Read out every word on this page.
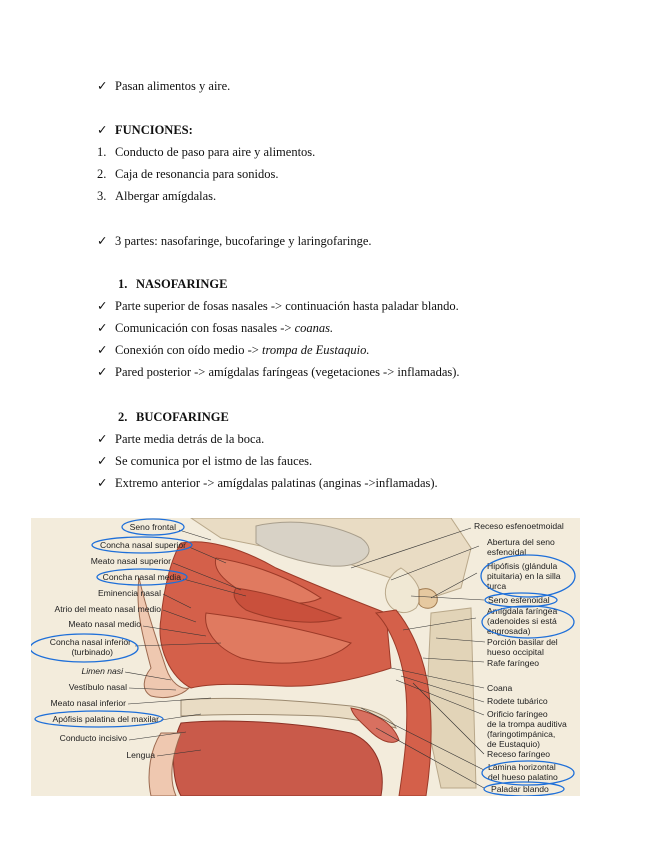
✓ Pasan alimentos y aire.
✓ FUNCIONES:
1. Conducto de paso para aire y alimentos.
2. Caja de resonancia para sonidos.
3. Albergar amígdalas.
✓ 3 partes: nasofaringe, bucofaringe y laringofaringe.
1. NASOFARINGE
✓ Parte superior de fosas nasales -> continuación hasta paladar blando.
✓ Comunicación con fosas nasales -> coanas.
✓ Conexión con oído medio -> trompa de Eustaquio.
✓ Pared posterior -> amígdalas faríngeas (vegetaciones -> inflamadas).
2. BUCOFARINGE
✓ Parte media detrás de la boca.
✓ Se comunica por el istmo de las fauces.
✓ Extremo anterior -> amígdalas palatinas (anginas ->inflamadas).
Seno frontal
Concha nasal superior
Meato nasal superior
Concha nasal media
Eminencia nasal
Atrio del meato nasal medio
Meato nasal medio
Concha nasal inferior
(turbinado)
Limen nasi
Vestíbulo nasal
Meato nasal inferior
Apófisis palatina del maxilar
Conducto incisivo
Lengua
Receso esfenoetmoidal
Abertura del seno
esfenoidal
Hipófisis (glándula
pituitaria) en la silla
turca
Seno esfenoidal
Amígdala faríngea
(adenoides si está
engrosada)
Porción basilar del
hueso occipital
Rafe faríngeo
Coana
Rodete tubárico
Orificio faríngeo
de la trompa auditiva
(faringotimpánica,
de Eustaquio)
Receso faríngeo
Lámina horizontal
del hueso palatino
Paladar blando
